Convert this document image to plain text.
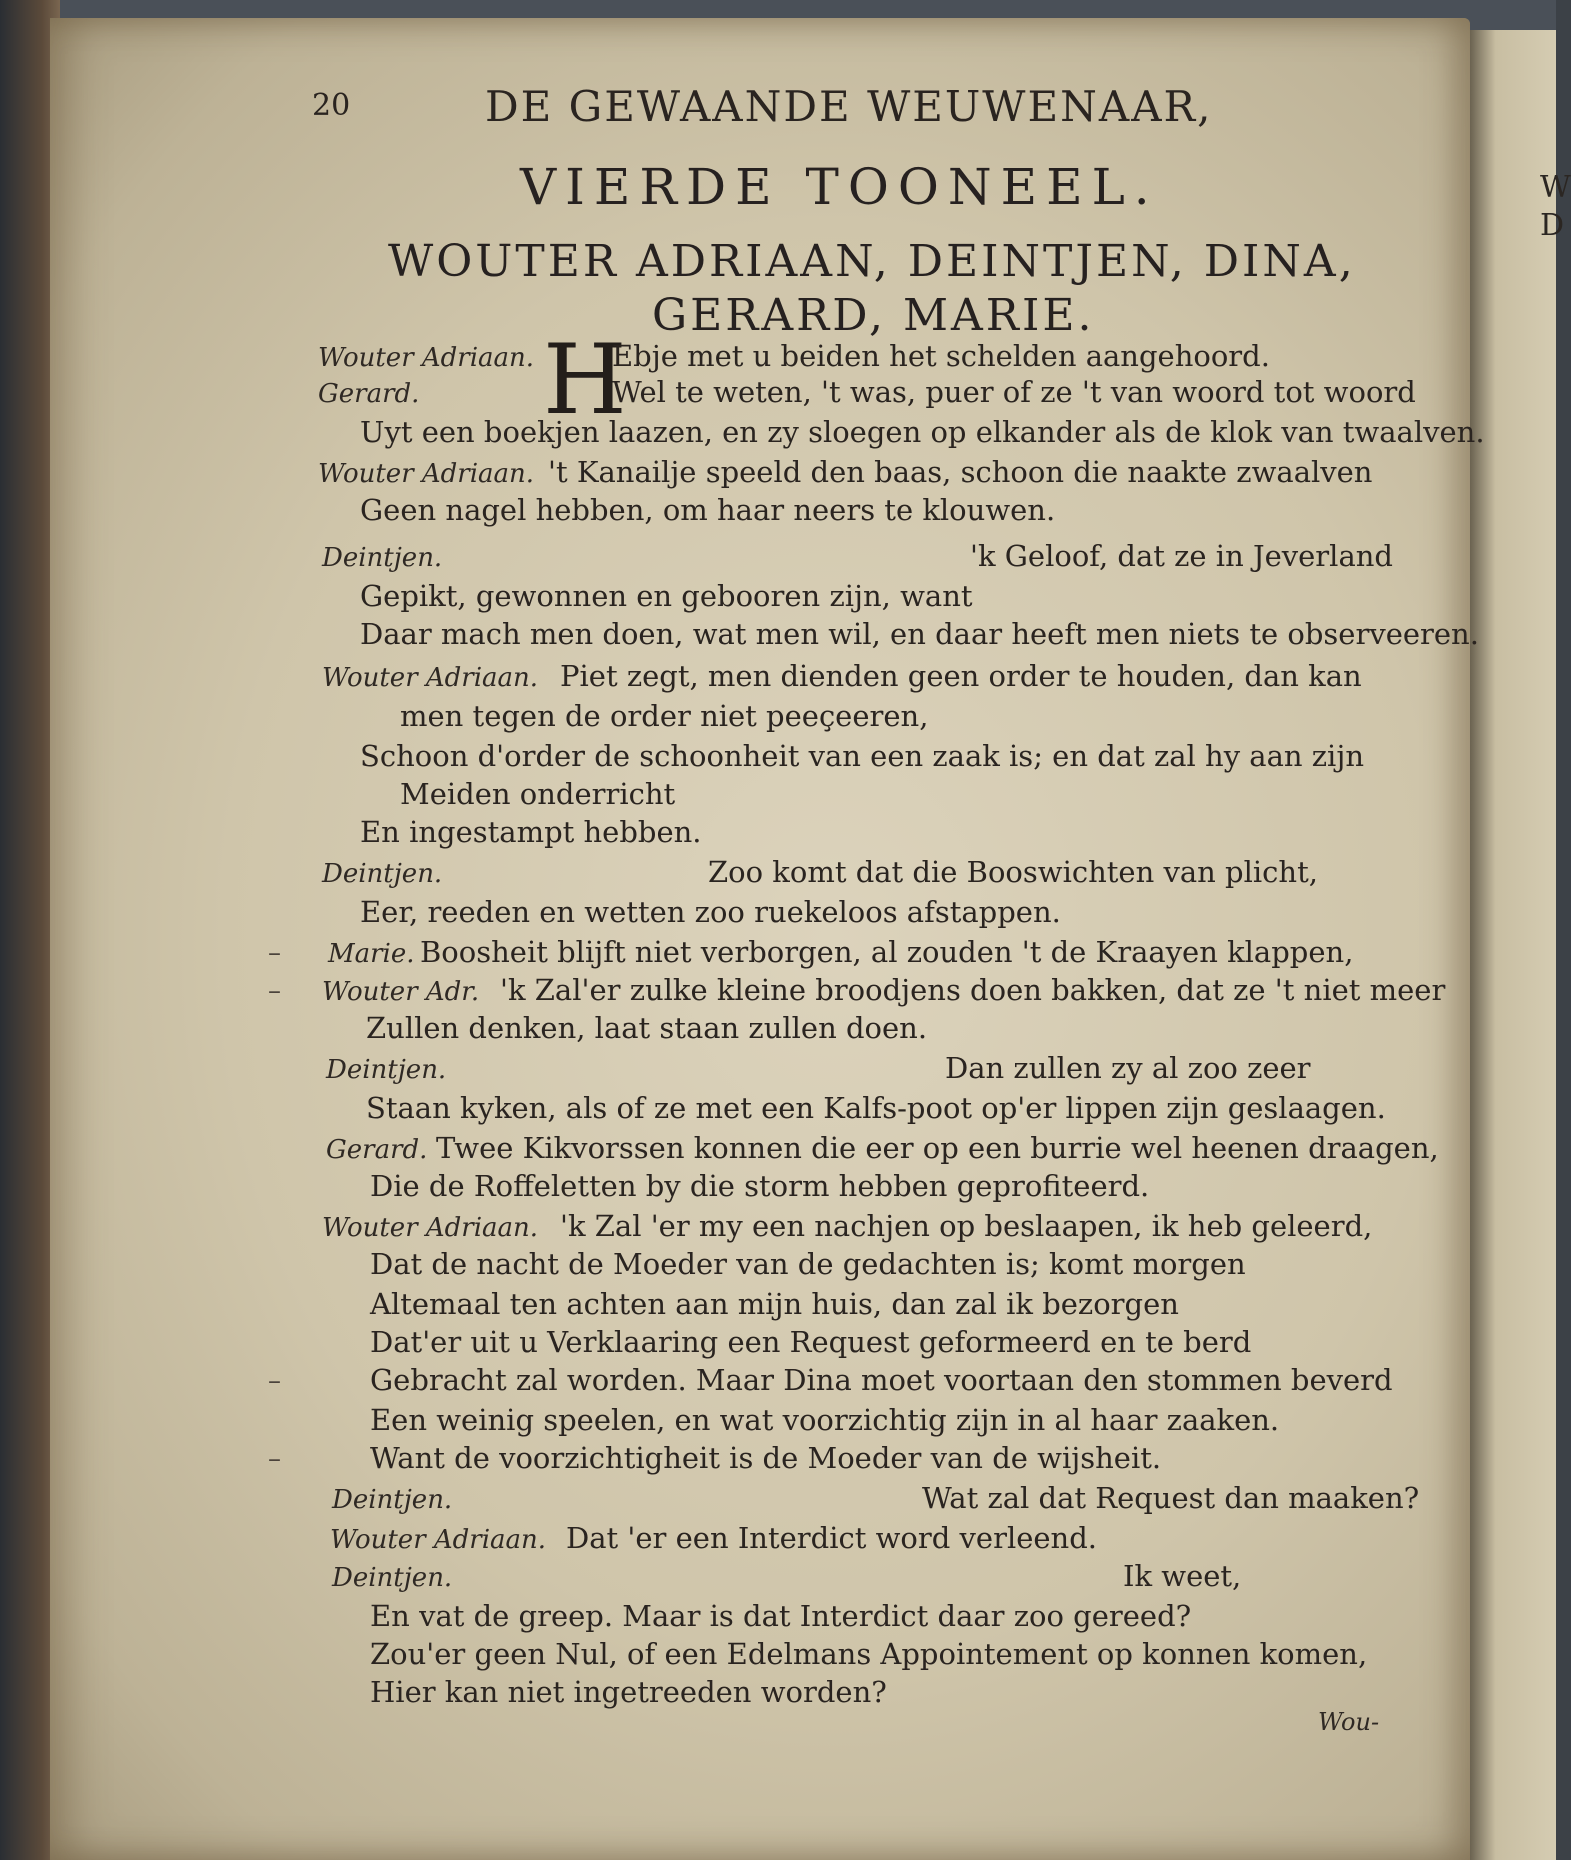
W
D
20	DE GEWAANDE WEUWENAAR,
VIERDE TOONEEL.
WOUTER ADRIAAN, DEINTJEN, DINA,
GERARD, MARIE.
H
Wouter Adriaan.	Ebje met u beiden het schelden aangehoord.
Gerard.	Wel te weten, 't was, puer of ze 't van woord tot woord
Uyt een boekjen laazen, en zy sloegen op elkander als de klok van twaalven.
Wouter Adriaan. 't Kanailje speeld den baas, schoon die naakte zwaalven
Geen nagel hebben, om haar neers te klouwen.
Deintjen.	'k Geloof, dat ze in Jeverland
Gepikt, gewonnen en gebooren zijn, want
Daar mach men doen, wat men wil, en daar heeft men niets te observeeren.
Wouter Adriaan. Piet zegt, men dienden geen order te houden, dan kan
men tegen de order niet peeçeeren,
Schoon d'order de schoonheit van een zaak is; en dat zal hy aan zijn
Meiden onderricht
En ingestampt hebben.
Deintjen.	Zoo komt dat die Booswichten van plicht,
Eer, reeden en wetten zoo ruekeloos afstappen.
– Marie. Boosheit blijft niet verborgen, al zouden 't de Kraayen klappen,
– Wouter Adr. 'k Zal'er zulke kleine broodjens doen bakken, dat ze 't niet meer
Zullen denken, laat staan zullen doen.
Deintjen.	Dan zullen zy al zoo zeer
Staan kyken, als of ze met een Kalfs-poot op'er lippen zijn geslaagen.
Gerard. Twee Kikvorssen konnen die eer op een burrie wel heenen draagen,
Die de Roffeletten by die storm hebben geprofiteerd.
Wouter Adriaan. 'k Zal 'er my een nachjen op beslaapen, ik heb geleerd,
Dat de nacht de Moeder van de gedachten is; komt morgen
Altemaal ten achten aan mijn huis, dan zal ik bezorgen
Dat'er uit u Verklaaring een Request geformeerd en te berd
–	Gebracht zal worden. Maar Dina moet voortaan den stommen beverd
Een weinig speelen, en wat voorzichtig zijn in al haar zaaken.
–	Want de voorzichtigheit is de Moeder van de wijsheit.
Deintjen.	Wat zal dat Request dan maaken?
Wouter Adriaan. Dat 'er een Interdict word verleend.
Deintjen.	Ik weet,
En vat de greep. Maar is dat Interdict daar zoo gereed?
Zou'er geen Nul, of een Edelmans Appointement op konnen komen,
Hier kan niet ingetreeden worden?
Wou-
